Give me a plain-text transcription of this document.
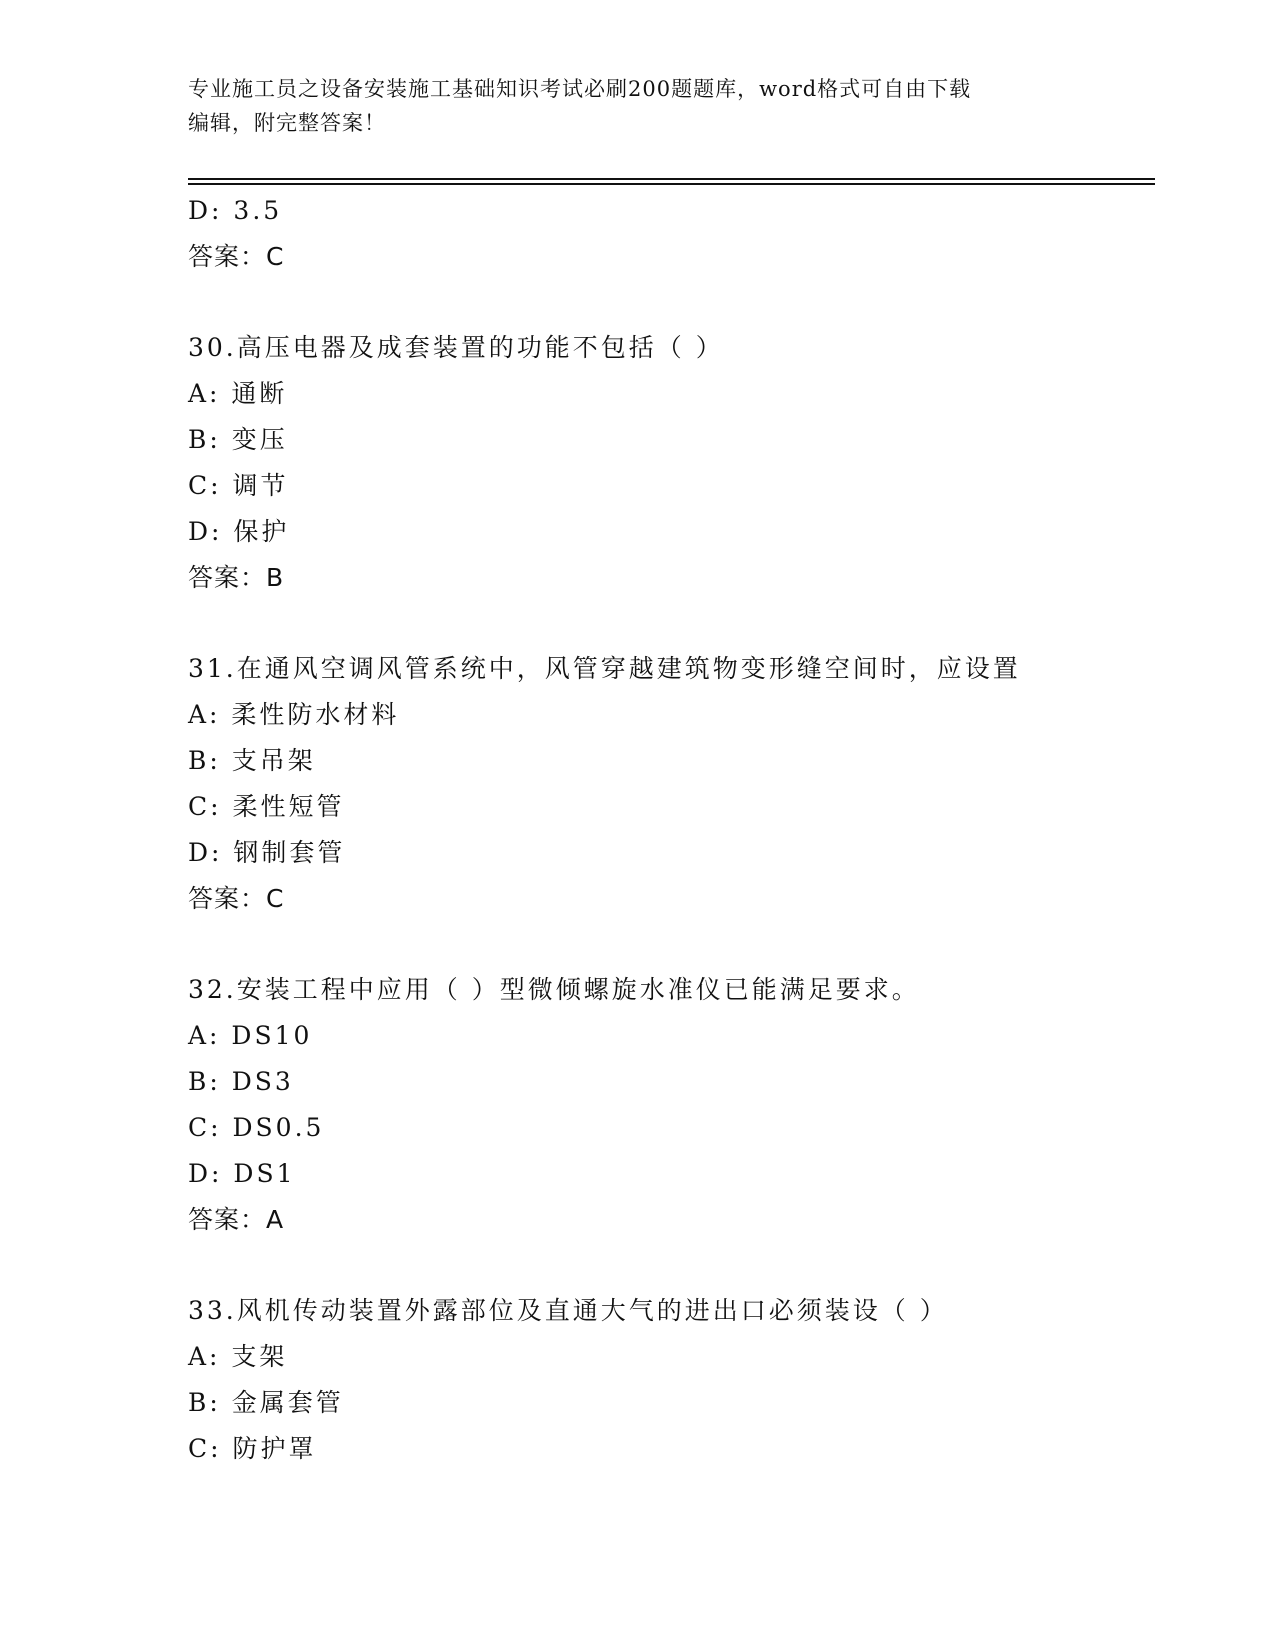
专业施工员之设备安装施工基础知识考试必刷200题题库，word格式可自由下载
编辑，附完整答案！
D: 3.5
答案：C
30.高压电器及成套装置的功能不包括（ ）
A: 通断
B: 变压
C: 调节
D: 保护
答案：B
31.在通风空调风管系统中，风管穿越建筑物变形缝空间时，应设置
A: 柔性防水材料
B: 支吊架
C: 柔性短管
D: 钢制套管
答案：C
32.安装工程中应用（ ）型微倾螺旋水准仪已能满足要求。
A: DS10
B: DS3
C: DS0.5
D: DS1
答案：A
33.风机传动装置外露部位及直通大气的进出口必须装设（ ）
A: 支架
B: 金属套管
C: 防护罩
